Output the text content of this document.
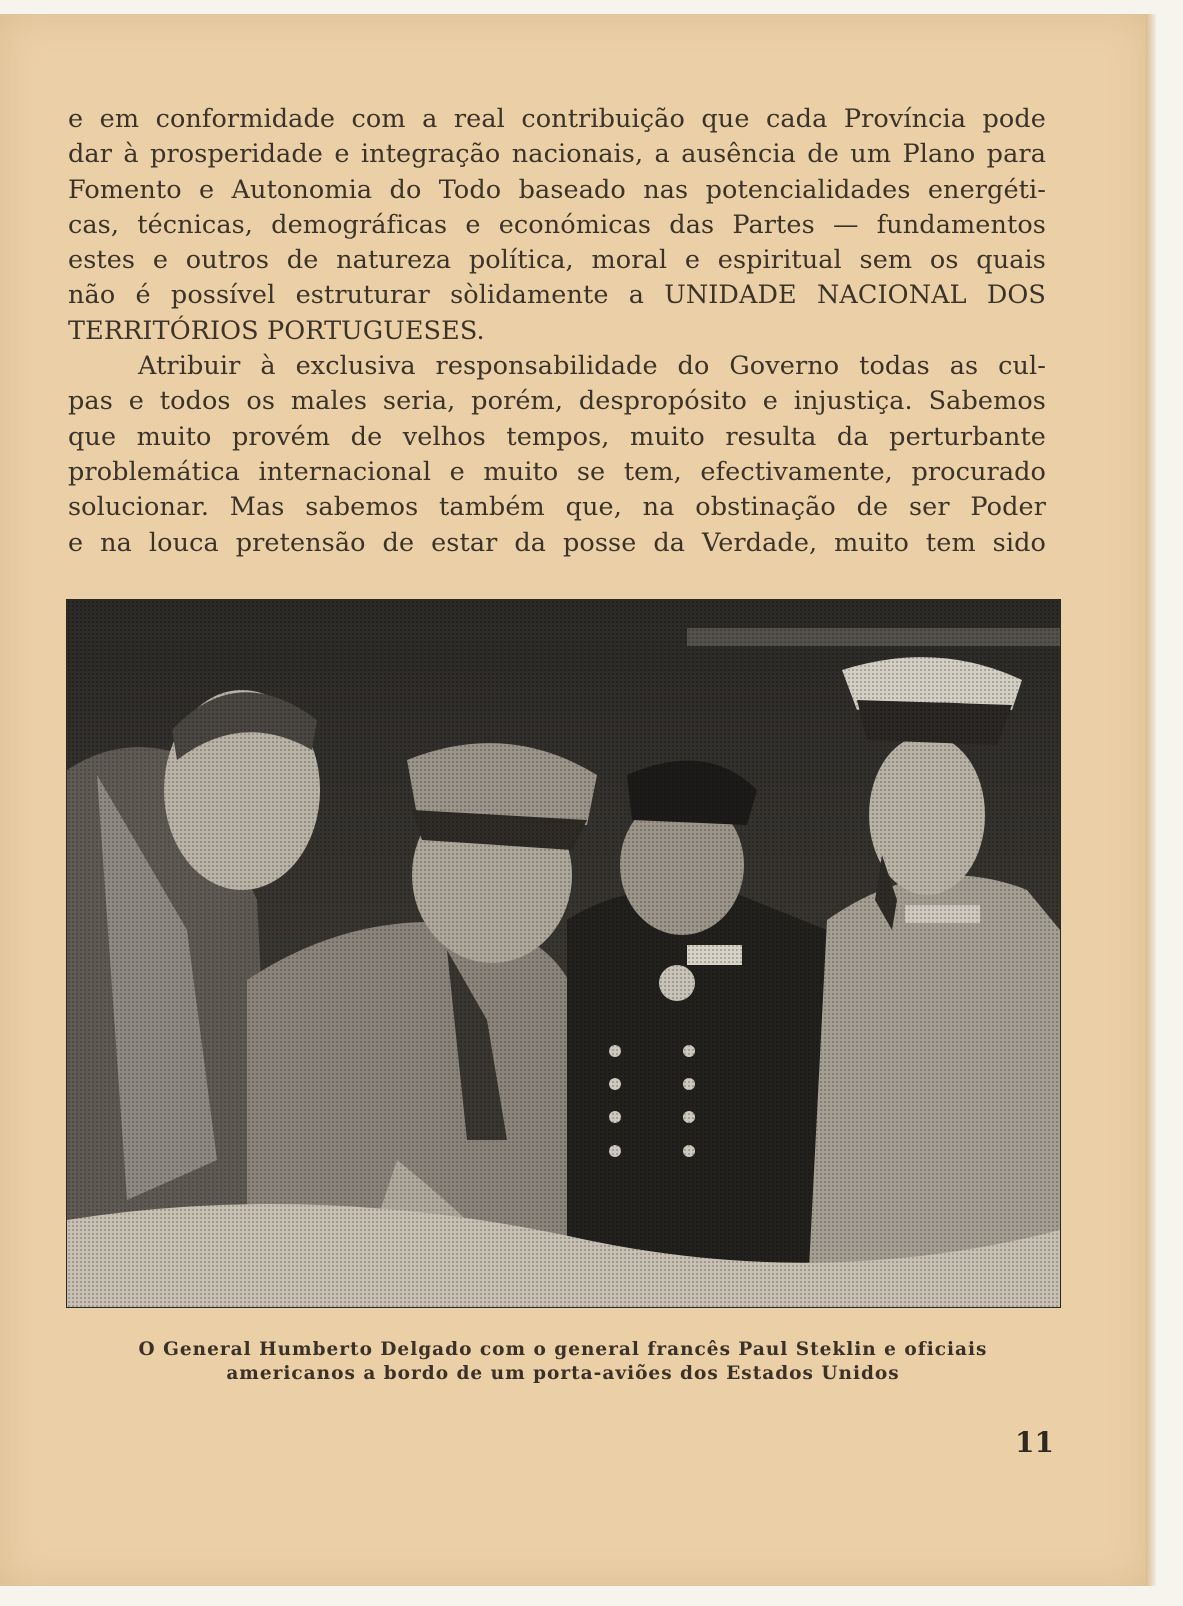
e em conformidade com a real contribuição que cada Província pode
dar à prosperidade e integração nacionais, a ausência de um Plano para
Fomento e Autonomia do Todo baseado nas potencialidades energéti-
cas, técnicas, demográficas e económicas das Partes — fundamentos
estes e outros de natureza política, moral e espiritual sem os quais
não é possível estruturar sòlidamente a UNIDADE NACIONAL DOS
TERRITÓRIOS PORTUGUESES.
Atribuir à exclusiva responsabilidade do Governo todas as cul-
pas e todos os males seria, porém, despropósito e injustiça. Sabemos
que muito provém de velhos tempos, muito resulta da perturbante
problemática internacional e muito se tem, efectivamente, procurado
solucionar. Mas sabemos também que, na obstinação de ser Poder
e na louca pretensão de estar da posse da Verdade, muito tem sido
O General Humberto Delgado com o general francês Paul Steklin e oficiais
americanos a bordo de um porta-aviões dos Estados Unidos
11
